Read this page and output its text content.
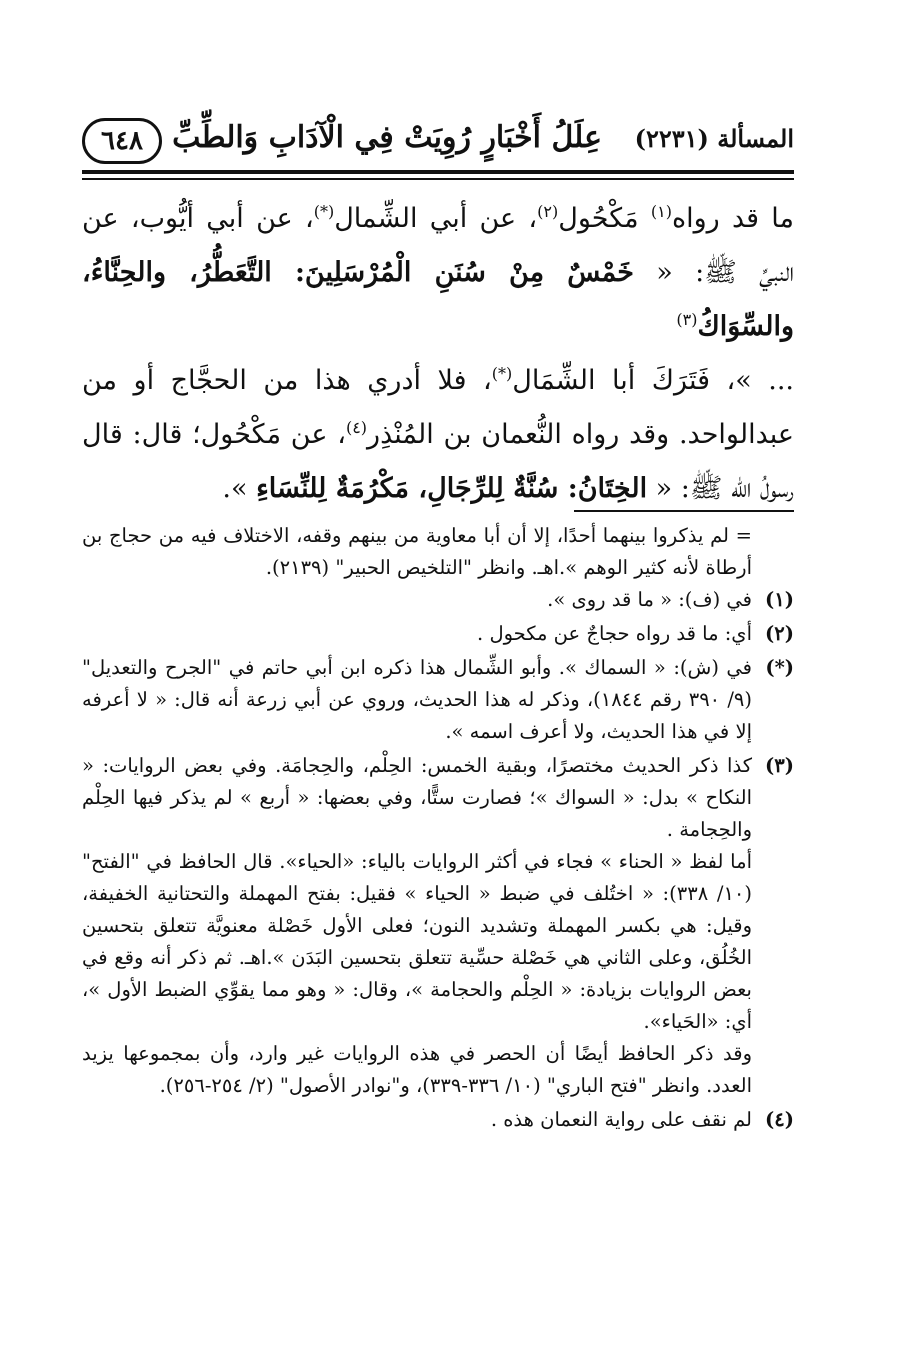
٦٤٨ عِلَلُ أَخْبَارٍ رُوِيَتْ فِي الْآدَابِ وَالطِّبِّ المسألة (٢٢٣١)

ما قد رواه$^{(١)}$ مَكْحُول$^{(٢)}$، عن أبي الشِّمال(*)، عن أبي أيُّوب، عن

النبيِّ ﷺ: « خَمْسٌ مِنْ سُنَنِ الْمُرْسَلِينَ: التَّعَطُّرُ، والحِنَّاءُ، والسِّوَاكُ$^{(٣)}$

... »، فَتَرَكَ أبا الشِّمَال(*)، فلا أدري هذا من الحجَّاج أو من

عبدالواحد. وقد رواه النُّعمان بن المُنْذِر$^{(٤)}$، عن مَكْحُول؛ قال: قال

رسولُ الله ﷺ: « الخِتَانُ: سُنَّةٌ لِلرِّجَالِ، مَكْرُمَةٌ لِلنِّسَاءِ ».

= لم يذكروا بينهما أحدًا، إلا أن أبا معاوية من بينهم وقفه، الاختلاف فيه من حجاج بن أرطاة لأنه كثير الوهم ».اهـ. وانظر "التلخيص الحبير" (٢١٣٩).
(١)
في (ف): « ما قد روى ».
(٢)
أي: ما قد رواه حجاجٌ عن مكحول .
(*)
في (ش): « السماك ». وأبو الشِّمال هذا ذكره ابن أبي حاتم في "الجرح والتعديل" (٩/ ٣٩٠ رقم ١٨٤٤)، وذكر له هذا الحديث، وروي عن أبي زرعة أنه قال: « لا أعرفه إلا في هذا الحديث، ولا أعرف اسمه ».
(٣)

كذا ذكر الحديث مختصرًا، وبقية الخمس: الحِلْم، والحِجامَة. وفي بعض الروايات: « النكاح » بدل: « السواك »؛ فصارت ستًّا، وفي بعضها: « أربع » لم يذكر فيها الحِلْم والحِجامة .

أما لفظ « الحناء » فجاء في أكثر الروايات بالياء: «الحياء». قال الحافظ في "الفتح" (١٠/ ٣٣٨): « اختُلف في ضبط « الحياء » فقيل: بفتح المهملة والتحتانية الخفيفة، وقيل: هي بكسر المهملة وتشديد النون؛ فعلى الأول خَصْلة معنويَّة تتعلق بتحسين الخُلُق، وعلى الثاني هي خَصْلة حسِّية تتعلق بتحسين البَدَن ».اهـ. ثم ذكر أنه وقع في بعض الروايات بزيادة: « الحِلْم والحجامة »، وقال: « وهو مما يقوِّي الضبط الأول »، أي: «الحَياء».

وقد ذكر الحافظ أيضًا أن الحصر في هذه الروايات غير وارد، وأن بمجموعها يزيد العدد. وانظر "فتح الباري" (١٠/ ٣٣٦-٣٣٩)، و"نوادر الأصول" (٢/ ٢٥٤-٢٥٦).

(٤)
لم نقف على رواية النعمان هذه .
